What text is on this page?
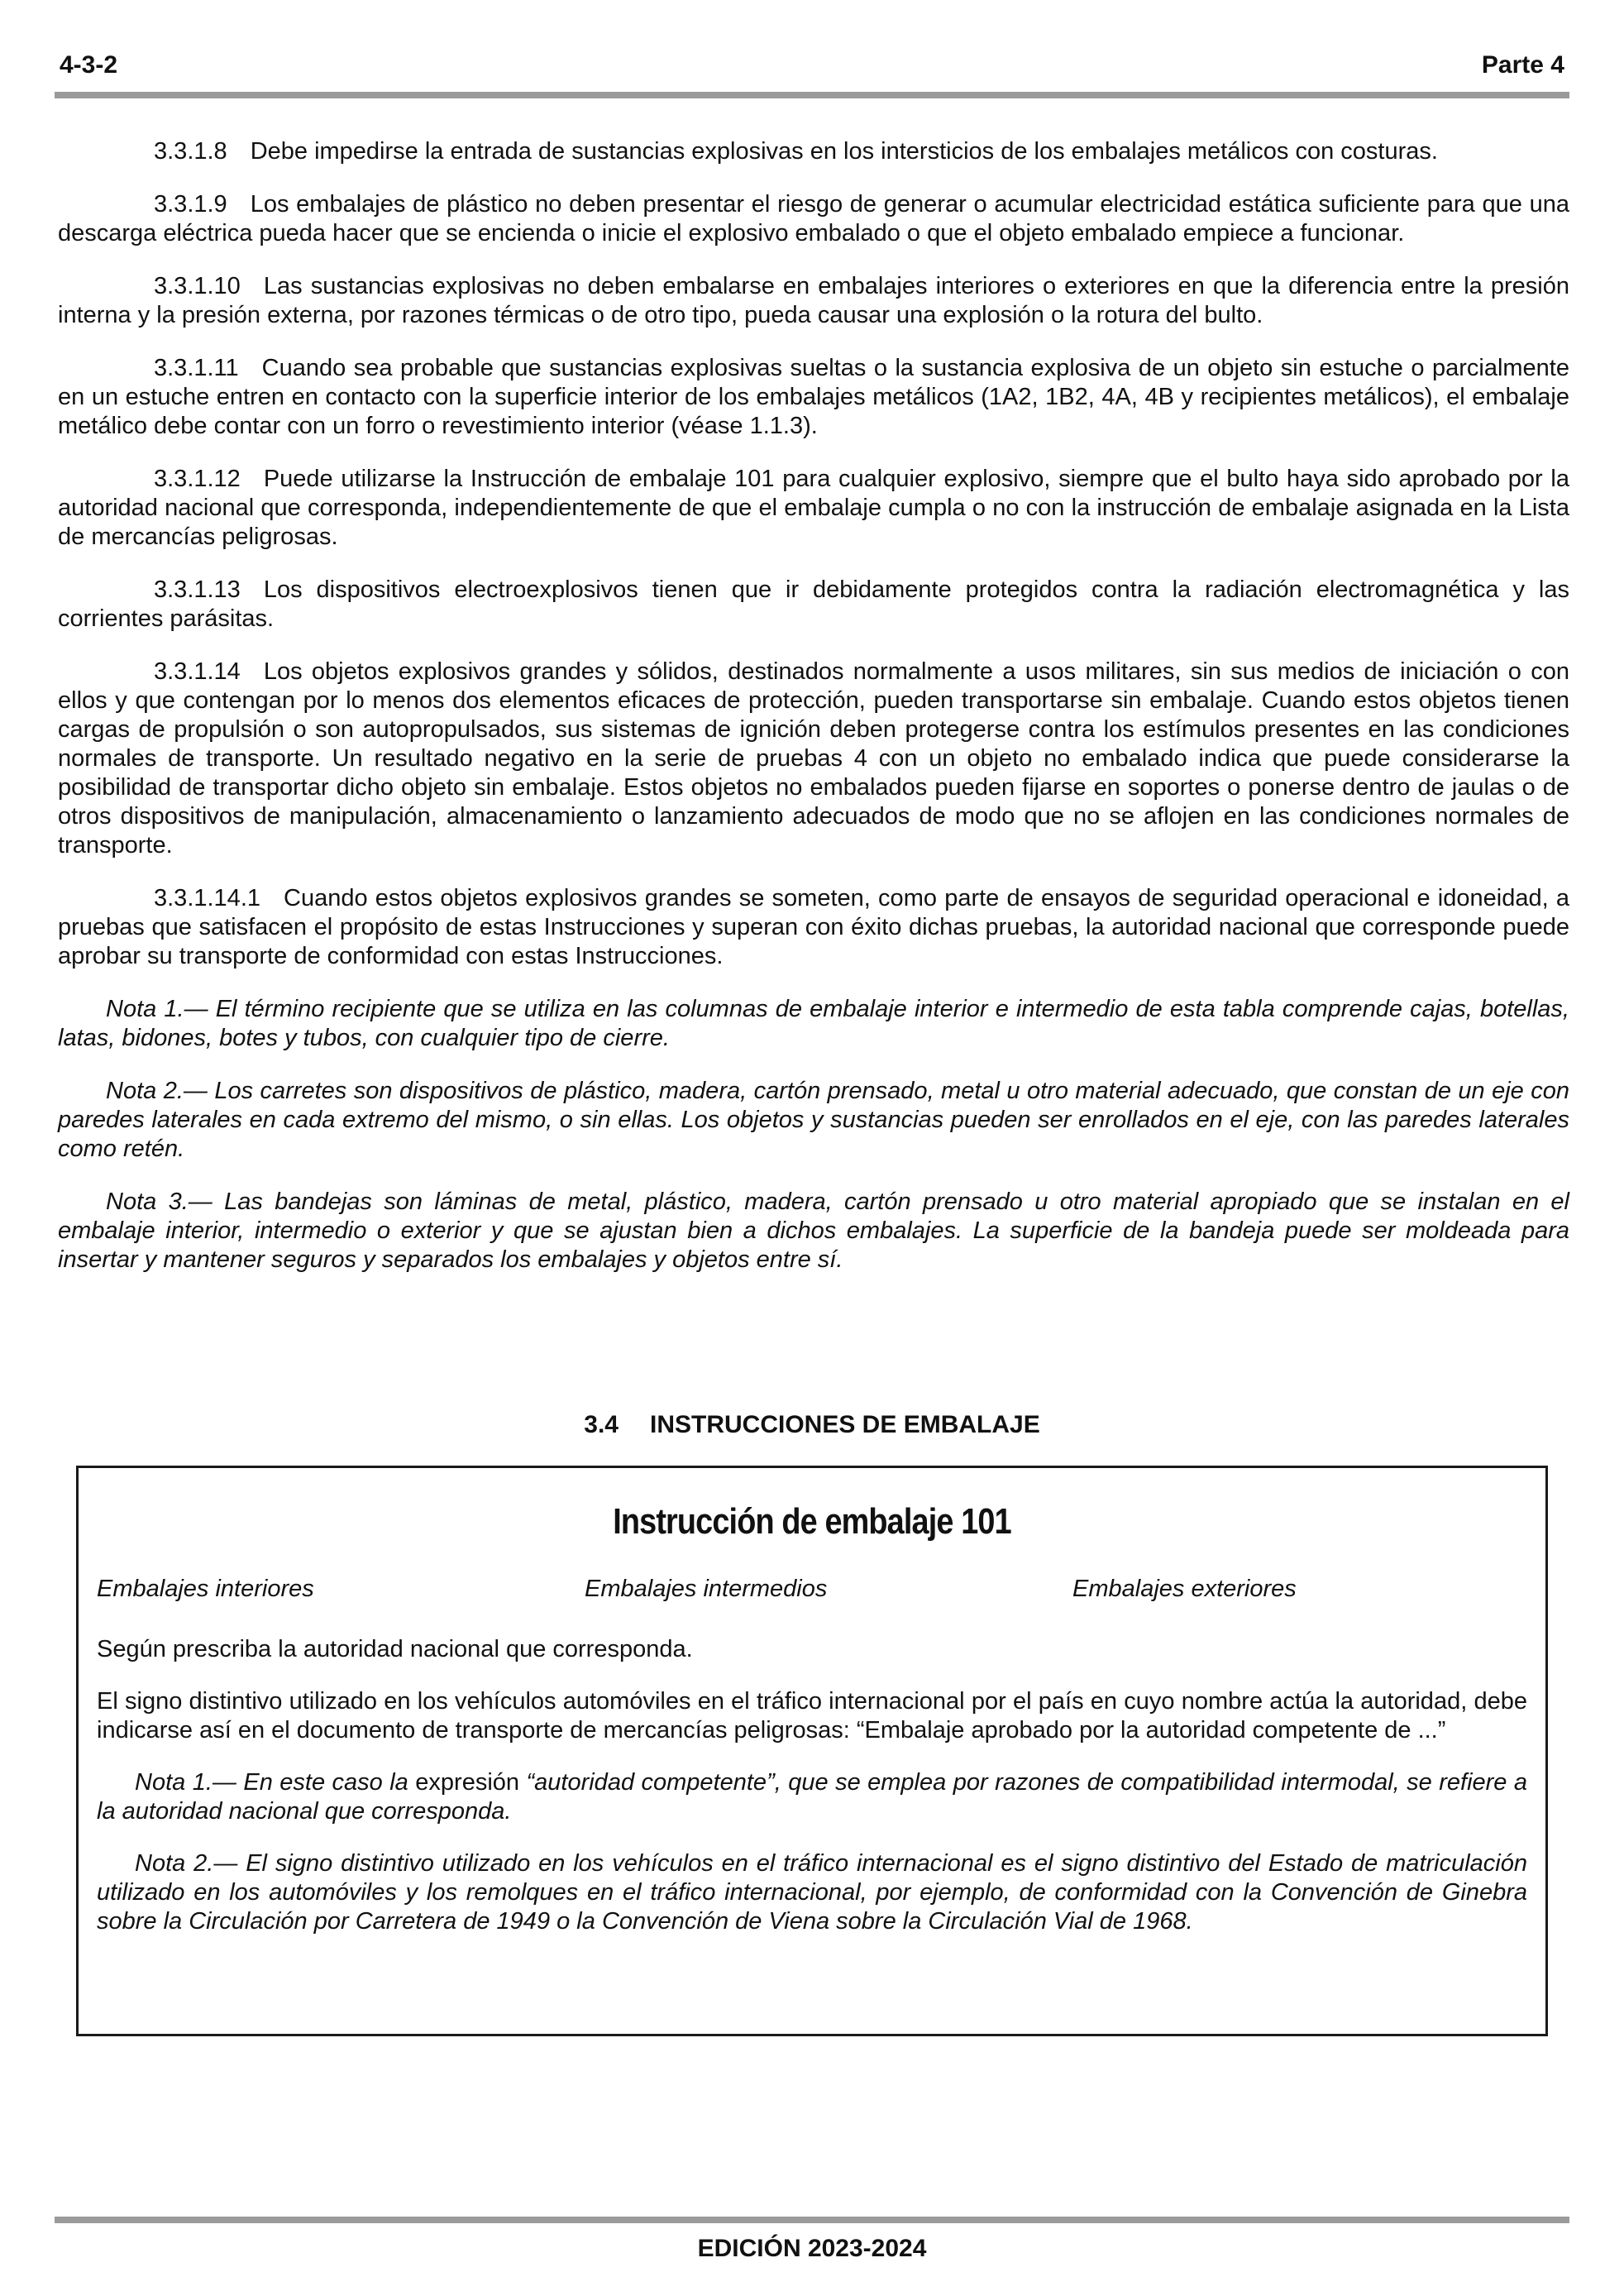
4-3-2	Parte 4

3.3.1.8 Debe impedirse la entrada de sustancias explosivas en los intersticios de los embalajes metálicos con costuras.

3.3.1.9 Los embalajes de plástico no deben presentar el riesgo de generar o acumular electricidad estática suficiente para que una descarga eléctrica pueda hacer que se encienda o inicie el explosivo embalado o que el objeto embalado empiece a funcionar.

3.3.1.10 Las sustancias explosivas no deben embalarse en embalajes interiores o exteriores en que la diferencia entre la presión interna y la presión externa, por razones térmicas o de otro tipo, pueda causar una explosión o la rotura del bulto.

3.3.1.11 Cuando sea probable que sustancias explosivas sueltas o la sustancia explosiva de un objeto sin estuche o parcialmente en un estuche entren en contacto con la superficie interior de los embalajes metálicos (1A2, 1B2, 4A, 4B y recipientes metálicos), el embalaje metálico debe contar con un forro o revestimiento interior (véase 1.1.3).

3.3.1.12 Puede utilizarse la Instrucción de embalaje 101 para cualquier explosivo, siempre que el bulto haya sido aprobado por la autoridad nacional que corresponda, independientemente de que el embalaje cumpla o no con la instrucción de embalaje asignada en la Lista de mercancías peligrosas.

3.3.1.13 Los dispositivos electroexplosivos tienen que ir debidamente protegidos contra la radiación electromagnética y las corrientes parásitas.

3.3.1.14 Los objetos explosivos grandes y sólidos, destinados normalmente a usos militares, sin sus medios de iniciación o con ellos y que contengan por lo menos dos elementos eficaces de protección, pueden transportarse sin embalaje. Cuando estos objetos tienen cargas de propulsión o son autopropulsados, sus sistemas de ignición deben protegerse contra los estímulos presentes en las condiciones normales de transporte. Un resultado negativo en la serie de pruebas 4 con un objeto no embalado indica que puede considerarse la posibilidad de transportar dicho objeto sin embalaje. Estos objetos no embalados pueden fijarse en soportes o ponerse dentro de jaulas o de otros dispositivos de manipulación, almacenamiento o lanzamiento adecuados de modo que no se aflojen en las condiciones normales de transporte.

3.3.1.14.1 Cuando estos objetos explosivos grandes se someten, como parte de ensayos de seguridad operacional e idoneidad, a pruebas que satisfacen el propósito de estas Instrucciones y superan con éxito dichas pruebas, la autoridad nacional que corresponde puede aprobar su transporte de conformidad con estas Instrucciones.

Nota 1.— El término recipiente que se utiliza en las columnas de embalaje interior e intermedio de esta tabla comprende cajas, botellas, latas, bidones, botes y tubos, con cualquier tipo de cierre.

Nota 2.— Los carretes son dispositivos de plástico, madera, cartón prensado, metal u otro material adecuado, que constan de un eje con paredes laterales en cada extremo del mismo, o sin ellas. Los objetos y sustancias pueden ser enrollados en el eje, con las paredes laterales como retén.

Nota 3.— Las bandejas son láminas de metal, plástico, madera, cartón prensado u otro material apropiado que se instalan en el embalaje interior, intermedio o exterior y que se ajustan bien a dichos embalajes. La superficie de la bandeja puede ser moldeada para insertar y mantener seguros y separados los embalajes y objetos entre sí.

3.4 INSTRUCCIONES DE EMBALAJE
Instrucción de embalaje 101
Embalajes interiores	Embalajes intermedios	Embalajes exteriores

Según prescriba la autoridad nacional que corresponda.

El signo distintivo utilizado en los vehículos automóviles en el tráfico internacional por el país en cuyo nombre actúa la autoridad, debe indicarse así en el documento de transporte de mercancías peligrosas: “Embalaje aprobado por la autoridad competente de ...”

Nota 1.— En este caso la expresión “autoridad competente”, que se emplea por razones de compatibilidad intermodal, se refiere a la autoridad nacional que corresponda.

Nota 2.— El signo distintivo utilizado en los vehículos en el tráfico internacional es el signo distintivo del Estado de matriculación utilizado en los automóviles y los remolques en el tráfico internacional, por ejemplo, de conformidad con la Convención de Ginebra sobre la Circulación por Carretera de 1949 o la Convención de Viena sobre la Circulación Vial de 1968.

EDICIÓN 2023-2024
